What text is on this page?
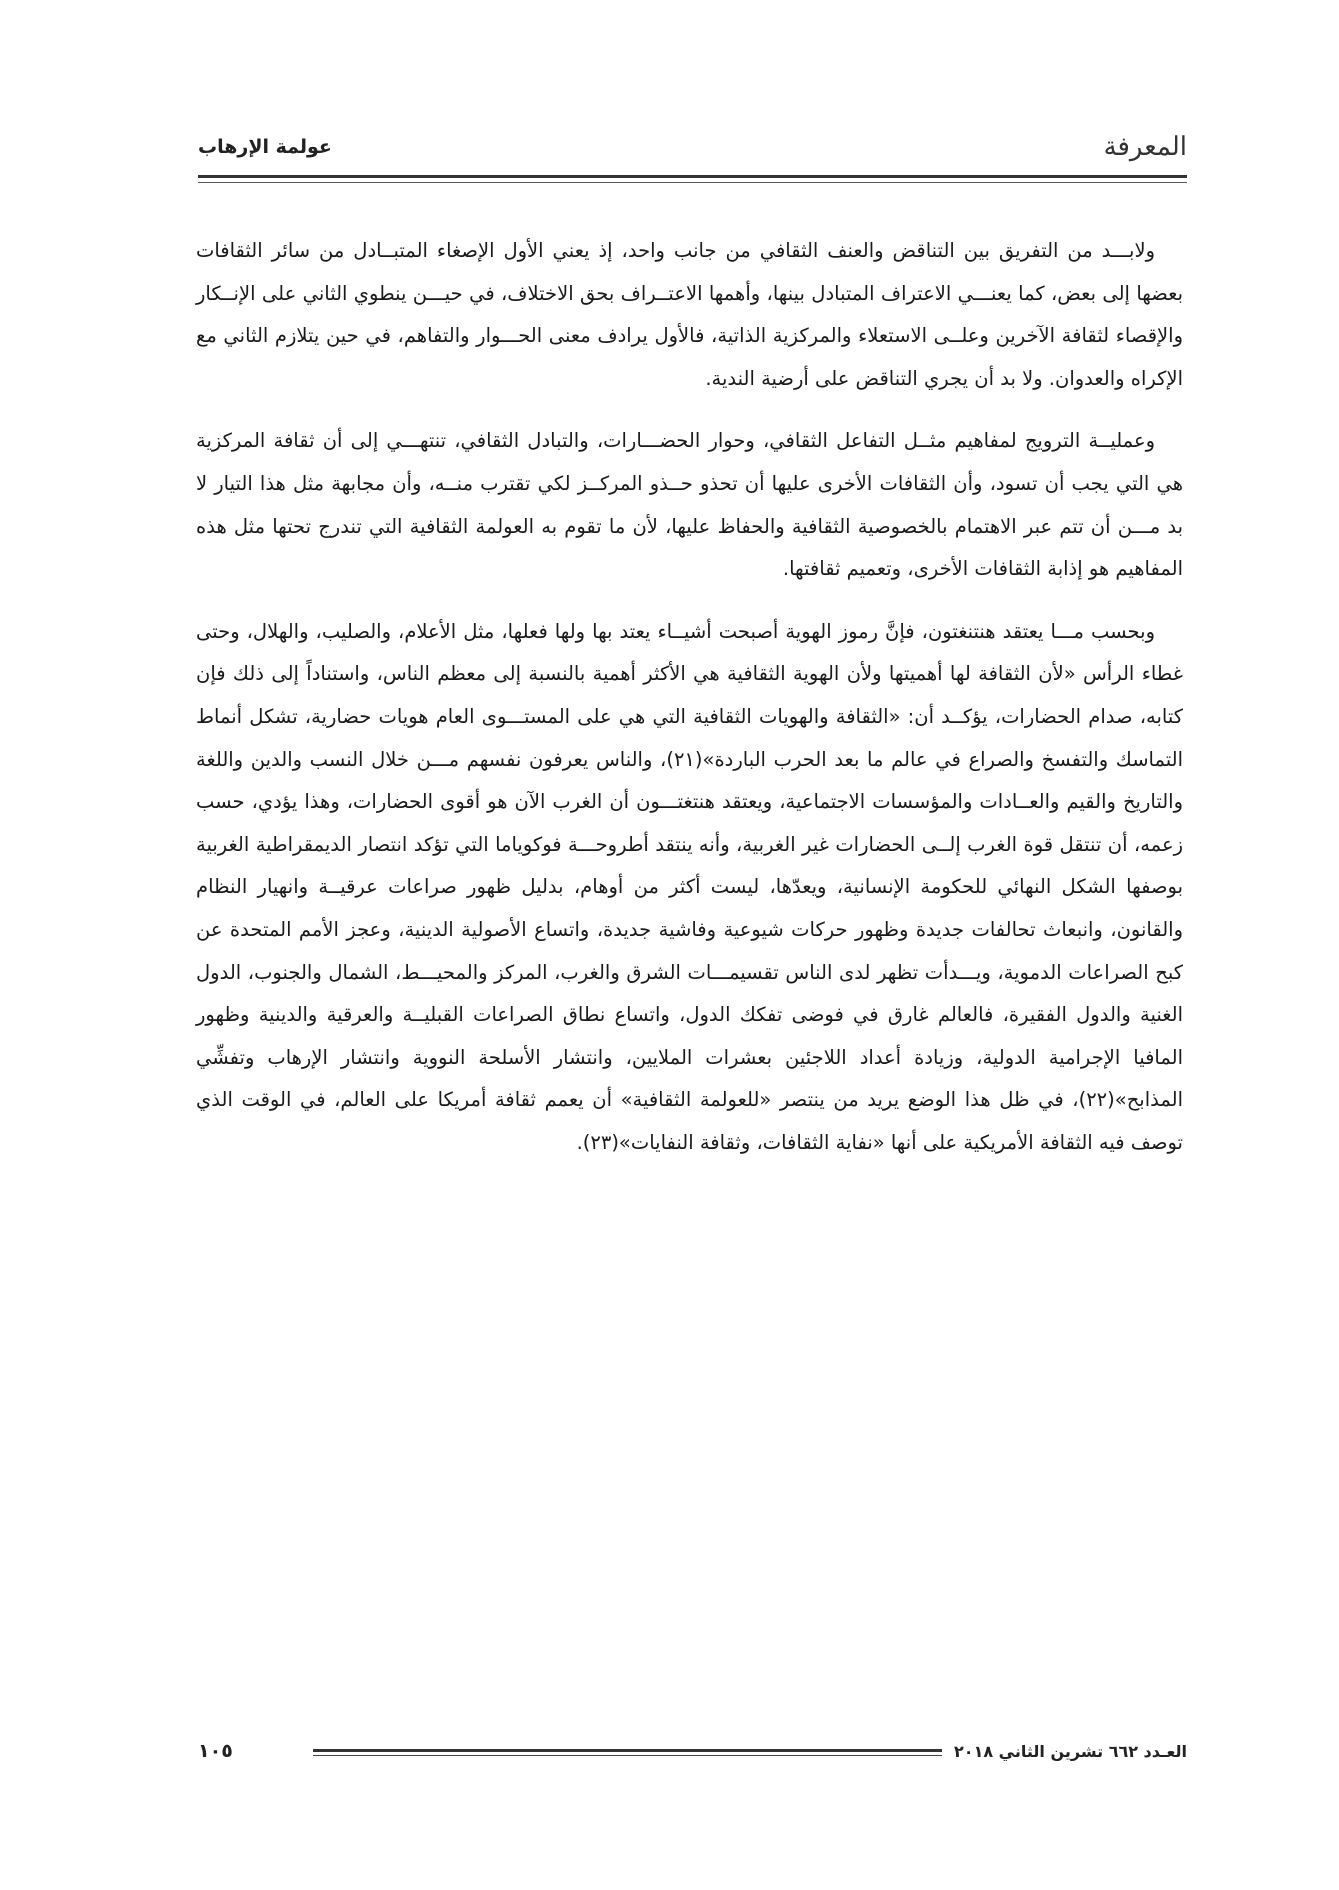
المعرفة
عولمة الإرهاب

ولابـــد من التفريق بين التناقض والعنف الثقافي من جانب واحد، إذ يعني الأول الإصغاء المتبــادل من سائر الثقافات بعضها إلى بعض، كما يعنـــي الاعتراف المتبادل بينها، وأهمها الاعتــراف بحق الاختلاف، في حيـــن ينطوي الثاني على الإنــكار والإقصاء لثقافة الآخرين وعلــى الاستعلاء والمركزية الذاتية، فالأول يرادف معنى الحـــوار والتفاهم، في حين يتلازم الثاني مع الإكراه والعدوان. ولا بد أن يجري التناقض على أرضية الندية.

وعمليــة الترويج لمفاهيم مثــل التفاعل الثقافي، وحوار الحضـــارات، والتبادل الثقافي، تنتهـــي إلى أن ثقافة المركزية هي التي يجب أن تسود، وأن الثقافات الأخرى عليها أن تحذو حــذو المركــز لكي تقترب منــه، وأن مجابهة مثل هذا التيار لا بد مـــن أن تتم عبر الاهتمام بالخصوصية الثقافية والحفاظ عليها، لأن ما تقوم به العولمة الثقافية التي تندرج تحتها مثل هذه المفاهيم هو إذابة الثقافات الأخرى، وتعميم ثقافتها.

وبحسب مـــا يعتقد هنتنغتون، فإنَّ رموز الهوية أصبحت أشيــاء يعتد بها ولها فعلها، مثل الأعلام، والصليب، والهلال، وحتى غطاء الرأس «لأن الثقافة لها أهميتها ولأن الهوية الثقافية هي الأكثر أهمية بالنسبة إلى معظم الناس، واستناداً إلى ذلك فإن كتابه، صدام الحضارات، يؤكــد أن: «الثقافة والهويات الثقافية التي هي على المستـــوى العام هويات حضارية، تشكل أنماط التماسك والتفسخ والصراع في عالم ما بعد الحرب الباردة»(٢١)، والناس يعرفون نفسهم مـــن خلال النسب والدين واللغة والتاريخ والقيم والعــادات والمؤسسات الاجتماعية، ويعتقد هنتغتـــون أن الغرب الآن هو أقوى الحضارات، وهذا يؤدي، حسب زعمه، أن تنتقل قوة الغرب إلــى الحضارات غير الغربية، وأنه ينتقد أطروحـــة فوكوياما التي تؤكد انتصار الديمقراطية الغربية بوصفها الشكل النهائي للحكومة الإنسانية، ويعدّها، ليست أكثر من أوهام، بدليل ظهور صراعات عرقيــة وانهيار النظام والقانون، وانبعاث تحالفات جديدة وظهور حركات شيوعية وفاشية جديدة، واتساع الأصولية الدينية، وعجز الأمم المتحدة عن كبح الصراعات الدموية، ويـــدأت تظهر لدى الناس تقسيمـــات الشرق والغرب، المركز والمحيـــط، الشمال والجنوب، الدول الغنية والدول الفقيرة، فالعالم غارق في فوضى تفكك الدول، واتساع نطاق الصراعات القبليــة والعرقية والدينية وظهور المافيا الإجرامية الدولية، وزيادة أعداد اللاجئين بعشرات الملايين، وانتشار الأسلحة النووية وانتشار الإرهاب وتفشِّي المذابح»(٢٢)، في ظل هذا الوضع يريد من ينتصر «للعولمة الثقافية» أن يعمم ثقافة أمريكا على العالم، في الوقت الذي توصف فيه الثقافة الأمريكية على أنها «نفاية الثقافات، وثقافة النفايات»(٢٣).

العـدد ٦٦٢ تشرين الثاني ٢٠١٨
١٠٥
